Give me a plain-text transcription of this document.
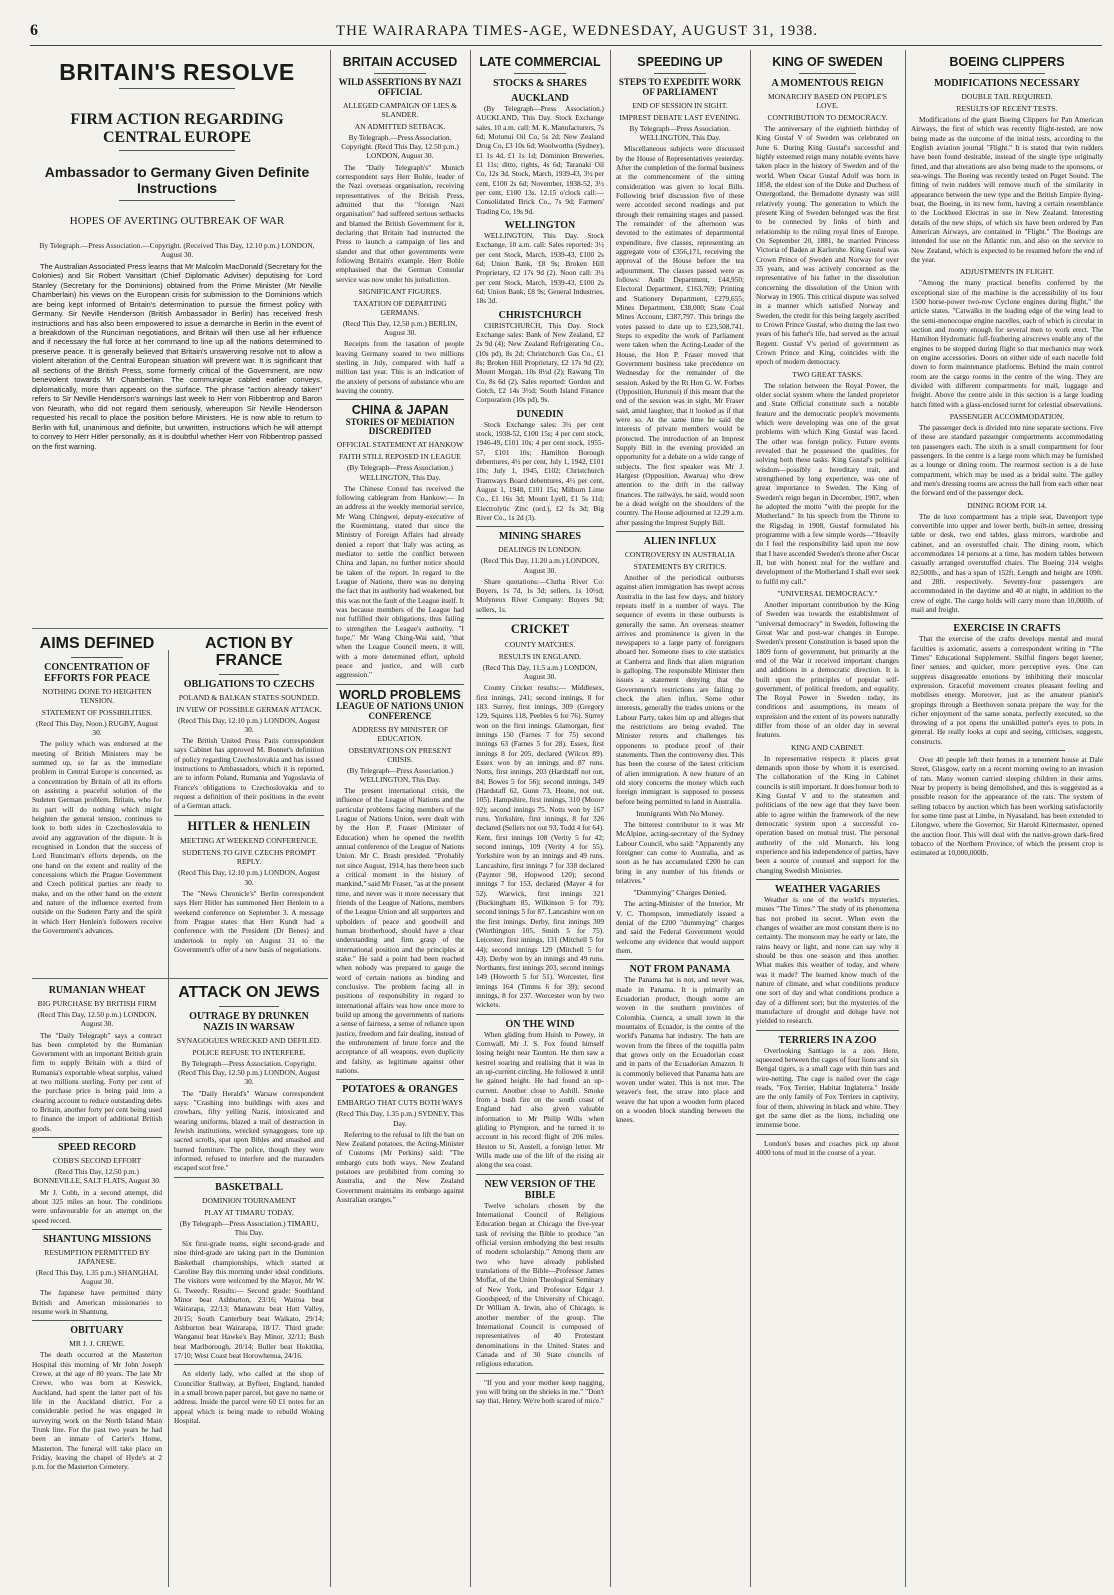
6	THE WAIRARAPA TIMES-AGE, WEDNESDAY, AUGUST 31, 1938.
BRITAIN'S RESOLVE
FIRM ACTION REGARDING CENTRAL EUROPE
Ambassador to Germany Given Definite Instructions
HOPES OF AVERTING OUTBREAK OF WAR
By Telegraph.—Press Association.—Copyright. (Received This Day, 12.10 p.m.) LONDON, August 30.

The Australian Associated Press learns that Mr Malcolm MacDonald (Secretary for the Colonies) and Sir Robert Vansittart (Chief Diplomatic Adviser) deputising for Lord Stanley (Secretary for the Dominions) obtained from the Prime Minister (Mr Neville Chamberlain) his views on the European crisis for submission to the Dominions which are being kept informed of Britain's determination to pursue the firmest policy with Germany. Sir Neville Henderson (British Ambassador in Berlin) has received fresh instructions and has also been empowered to issue a demarche in Berlin in the event of a breakdown of the Runciman negotiations, and Britain will then use all her influence and if necessary the full force at her command to line up all the nations determined to preserve peace. It is generally believed that Britain's unswerving resolve not to allow a violent alteration of the Central European situation will prevent war. It is significant that all sections of the British Press, some formerly critical of the Government, are now benevolent towards Mr Chamberlain. The communique cabled earlier conveys, diplomatically, more than appears on the surface. The phrase "action already taken" refers to Sir Neville Henderson's warnings last week to Herr von Ribbentrop and Baron von Neurath, who did not regard them seriously, whereupon Sir Neville Henderson requested his recall to place the position before Ministers. He is now able to return to Berlin with full, unanimous and definite, but unwritten, instructions which he will attempt to convey to Herr Hitler personally, as it is doubtful whether Herr von Ribbentrop passed on the first warning.

AIMS DEFINED
CONCENTRATION OF EFFORTS FOR PEACE
NOTHING DONE TO HEIGHTEN TENSION.
STATEMENT OF POSSIBILITIES.
(Recd This Day, Noon.) RUGBY, August 30.

The policy which was endorsed at the meeting of British Ministers may be summed up, so far as the immediate problem in Central Europe is concerned, as a concentration by Britain of all its efforts on assisting a peaceful solution of the Sudeten German problem. Britain, who for its part will do nothing which might heighten the general tension, continues to look to both sides in Czechoslovakia to avoid any aggravation of the dispute. It is recognised in London that the success of Lord Runciman's efforts depends, on the one hand on the extent and reality of the concessions which the Prague Government and Czech political parties are ready to make, and on the other hand on the extent and nature of the influence exerted from outside on the Sudeten Party and the spirit in which Herr Henlein's followers receive the Government's advances.

ACTION BY FRANCE
OBLIGATIONS TO CZECHS
POLAND & BALKAN STATES SOUNDED.
IN VIEW OF POSSIBLE GERMAN ATTACK.
(Recd This Day, 12.10 p.m.) LONDON, August 30.

The British United Press Paris correspondent says Cabinet has approved M. Bonnet's definition of policy regarding Czechoslovakia and has issued instructions to Ambassadors, which it is reported, are to inform Poland, Rumania and Yugoslavia of France's obligations to Czechoslovakia and to request a definition of their positions in the event of a German attack.

HITLER & HENLEIN
MEETING AT WEEKEND CONFERENCE.
SUDETENS TO GIVE CZECHS PROMPT REPLY.
(Recd This Day, 12.10 p.m.) LONDON, August 30.

The "News Chronicle's" Berlin correspondent says Herr Hitler has summoned Herr Henlein to a weekend conference on September 3. A message from Prague states that Herr Kundt had a conference with the President (Dr Benes) and undertook to reply on August 31 to the Government's offer of a new basis of negotiations.

RUMANIAN WHEAT
BIG PURCHASE BY BRITISH FIRM
(Recd This Day, 12.50 p.m.) LONDON, August 30.

The "Daily Telegraph" says a contract has been completed by the Rumanian Government with an important British grain firm to supply Britain with a third of Rumania's exportable wheat surplus, valued at two millions sterling. Forty per cent of the purchase price is being paid into a clearing account to reduce outstanding debts to Britain, another forty per cent being used to finance the import of additional British goods.

SPEED RECORD
COBB'S SECOND EFFORT
(Recd This Day, 12.50 p.m.) BONNEVILLE, SALT FLATS, August 30.

Mr J. Cobb, in a second attempt, did about 325 miles an hour. The conditions were unfavourable for an attempt on the speed record.

SHANTUNG MISSIONS
RESUMPTION PERMITTED BY JAPANESE.
(Recd This Day, 1.35 p.m.) SHANGHAI, August 30.

The Japanese have permitted thirty British and American missionaries to resume work in Shantung.

OBITUARY
MR J. J. CREWE.

The death occurred at the Masterton Hospital this morning of Mr John Joseph Crewe, at the age of 80 years. The late Mr Crewe, who was born at Keswick, Auckland, had spent the latter part of his life in the Auckland district. For a considerable period he was engaged in surveying work on the North Island Main Trunk line. For the past two years he had been an inmate of Carter's Home, Masterton. The funeral will take place on Friday, leaving the chapel of Hyde's at 2 p.m. for the Masterton Cemetery.

ATTACK ON JEWS
OUTRAGE BY DRUNKEN NAZIS IN WARSAW
SYNAGOGUES WRECKED AND DEFILED.
POLICE REFUSE TO INTERFERE.
By Telegraph—Press Association. Copyright. (Recd This Day, 12.50 p.m.) LONDON, August 30.

The "Daily Herald's" Warsaw correspondent says: "Crashing into buildings with axes and crowbars, fifty yelling Nazis, intoxicated and wearing uniforms, blazed a trail of destruction in Jewish institutions, wrecked synagogues, tore up sacred scrolls, spat upon Bibles and smashed and burned furniture. The police, though they were informed, refused to interfere and the marauders escaped scot free."

BASKETBALL
DOMINION TOURNAMENT
PLAY AT TIMARU TODAY.
(By Telegraph—Press Association.) TIMARU, This Day.

Six first-grade teams, eight second-grade and nine third-grade are taking part in the Dominion Basketball championships, which started at Caroline Bay this morning under ideal conditions. The visitors were welcomed by the Mayor, Mr W. G. Tweedy. Results:— Second grade: Southland Minor beat Ashburton, 23/16; Wairoa beat Wairarapa, 22/13; Manawatu beat Hutt Valley, 20/15; South Canterbury beat Waikato, 29/14; Ashburton beat Wairarapa, 18/17. Third grade: Wanganui beat Hawke's Bay Minor, 32/11; Bush beat Marlborough, 20/14; Buller beat Hokitika, 17/10; West Coast beat Horowhenua, 24/16.

An elderly lady, who called at the shop of Councillor Stallway, at Byfleet, England, handed in a small brown paper parcel, but gave no name or address. Inside the parcel were 60 £1 notes for an appeal which is being made to rebuild Woking Hospital.

BRITAIN ACCUSED
WILD ASSERTIONS BY NAZI OFFICIAL
ALLEGED CAMPAIGN OF LIES & SLANDER.
AN ADMITTED SETBACK.
By Telegraph.—Press Association. Copyright. (Recd This Day, 12.50 p.m.) LONDON, August 30.

The "Daily Telegraph's" Munich correspondent says Herr Bohle, leader of the Nazi overseas organisation, receiving representatives of the British Press, admitted that the "foreign Nazi organisation" had suffered serious setbacks and blamed the British Government for it, declaring that Britain had instructed the Press to launch a campaign of lies and slander and that other governments were following Britain's example. Herr Bohle emphasised that the German Consular service was now under his jurisdiction.

SIGNIFICANT FIGURES.
TAXATION OF DEPARTING GERMANS.
(Recd This Day, 12.50 p.m.) BERLIN, August 30.

Receipts from the taxation of people leaving Germany soared to two millions sterling in July, compared with half a million last year. This is an indication of the anxiety of persons of substance who are leaving the country.

CHINA & JAPAN
STORIES OF MEDIATION DISCREDITED
OFFICIAL STATEMENT AT HANKOW
FAITH STILL REPOSED IN LEAGUE
(By Telegraph—Press Association.) WELLINGTON, This Day.

The Chinese Consul has received the following cablegram from Hankow:— In an address at the weekly memorial service, Mr Wang Chingwei, deputy-executive of the Kuomintang, stated that since the Ministry of Foreign Affairs had already denied a report that Italy was acting as mediator to settle the conflict between China and Japan, no further notice should be taken of the report. In regard to the League of Nations, there was no denying the fact that its authority had weakened, but this was not the fault of the League itself. It was because members of the League had not fulfilled their obligations, thus failing to strengthen the League's authority. "I hope," Mr Wang Ching-Wai said, "that when the League Council meets, it will, with a more determined effort, uphold peace and justice, and will curb aggression."

WORLD PROBLEMS
LEAGUE OF NATIONS UNION CONFERENCE
ADDRESS BY MINISTER OF EDUCATION.
OBSERVATIONS ON PRESENT CRISIS.
(By Telegraph—Press Association.) WELLINGTON, This Day.

The present international crisis, the influence of the League of Nations and the particular problems facing members of the League of Nations Union, were dealt with by the Hon P. Fraser (Minister of Education) when he opened the twelfth annual conference of the League of Nations Union. Mr C. Brash presided. "Probably not since August, 1914, has there been such a critical moment in the history of mankind," said Mr Fraser, "as at the present time, and never was it more necessary that friends of the League of Nations, members of the League Union and all supporters and upholders of peace and goodwill and human brotherhood, should have a clear understanding and firm grasp of the international position and the principles at stake." He said a point had been reached when nobody was prepared to gauge the word of certain nations as binding and conclusive. The problem facing all in positions of responsibility in regard to international affairs was how once more to build up among the governments of nations a sense of fairness, a sense of reliance upon justice, freedom and fair dealing, instead of the enthronement of brute force and the acceptance of all weapons, even duplicity and falsity, as legitimate against other nations.

POTATOES & ORANGES
EMBARGO THAT CUTS BOTH WAYS
(Recd This Day, 1.35 p.m.) SYDNEY, This Day.

Referring to the refusal to lift the ban on New Zealand potatoes, the Acting-Minister of Customs (Mr Perkins) said: "The embargo cuts both ways. New Zealand potatoes are prohibited from coming to Australia, and the New Zealand Government maintains its embargo against Australian oranges."

LATE COMMERCIAL
STOCKS & SHARES
AUCKLAND

(By Telegraph—Press Association.) AUCKLAND, This Day. Stock Exchange sales, 10 a.m. call: M. K. Manufacturers, 7s 6d; Motunui Oil Co, 5s 2d; New Zealand Drug Co, £3 10s 6d; Woolworths (Sydney), £1 1s 4d, £1 1s 1d; Dominion Breweries, £1 11s; ditto, rights, 4s 6d; Taranaki Oil Co, 12s 3d. Stock, March, 1939-43, 3½ per cent, £100 2s 6d; November, 1938-52, 3½ per cent, £100 13s. 12.15 o'clock call:—Consolidated Brick Co., 7s 9d; Farmers' Trading Co, 19s 9d.

WELLINGTON

WELLINGTON, This Day. Stock Exchange, 10 a.m. call: Sales reported: 3½ per cent Stock, March, 1939-43, £100 2s 6d; Union Bank, £8 9s; Broken Hill Proprietary, £2 17s 9d (2). Noon call: 3½ per cent Stock, March, 1939-43, £100 2s 6d; Union Bank, £8 9s; General Industries, 18s 3d.

CHRISTCHURCH

CHRISTCHURCH, This Day. Stock Exchange sales: Bank of New Zealand, £2 2s 9d (4); New Zealand Refrigerating Co., (10s pd), 8s 2d; Christchurch Gas Co., £1 8s; Broken Hill Proprietary, £2 17s 9d (2); Mount Morgan, 10s 8½d (2); Rawang Tin Co, 8s 6d (2). Sales reported: Gordon and Gotch, £2 14s 3½d; South Island Finance Corporation (10s pd), 9s.

DUNEDIN

Stock Exchange sales: 3½ per cent stock, 1938-52, £100 15s; 4 per cent stock, 1946-49, £101 10s; 4 per cent stock, 1955-57, £101 10s; Hamilton Borough debentures, 4½ per cent, July 1, 1942, £101 10s; July 1, 1945, £102; Christchurch Tramways Board debentures, 4½ per cent, August 1, 1948, £101 15s; Milburn Lime Co., £1 16s 3d; Mount Lyell, £1 5s 11d; Electrolytic Zinc (ord.), £2 1s 3d; Big River Co., 1s 2d (3).

MINING SHARES
DEALINGS IN LONDON.
(Recd This Day, 11.20 a.m.) LONDON, August 30.

Share quotations:—Cluthа River Co: Buyers, 1s 7d, 1s 3d; sellers, 1s 10½d; Molyneux River Company: Buyers 9d; sellers, 1s.

CRICKET
COUNTY MATCHES.
RESULTS IN ENGLAND.
(Recd This Day, 11.5 a.m.) LONDON, August 30.

County Cricket results:— Middlesex, first innings, 241; second innings, 8 for 183. Surrey, first innings, 309 (Gregory 129, Squires 118, Peebles 6 for 76). Surrey won on the first innings. Glamorgan, first innings 150 (Farnes 7 for 75) second innings 63 (Farnes 5 for 28). Essex, first innings 8 for 205, declared (Wilcox 89). Essex won by an innings and 87 runs. Notts, first innings, 203 (Hardstaff not out, 84; Bowes 5 for 56); second innings, 349 (Hardstaff 62, Gunn 73, Heane, not out, 105). Hampshire, first innings, 310 (Moore 92); second innings 75. Notts won by 167 runs. Yorkshire, first innings, 8 for 326 declared (Sellers not out 93, Todd 4 for 64). Kent, first innings 108 (Verity 5 for 42; second innings, 109 (Verity 4 for 55). Yorkshire won by an innings and 49 runs. Lancashire, first innings 7 for 338 declared (Paynter 98, Hopwood 120); second innings 7 for 153, declared (Mayer 4 for 52). Warwick, first innings 321 (Buckingham 85, Wilkinson 5 for 79); second innings 5 for 87. Lancashire won on the first innings. Derby, first innings 309 (Worthington 105, Smith 5 for 75). Leicester, first innings, 131 (Mitchell 5 for 44); second innings 129 (Mitchell 5 for 43). Derby won by an innings and 49 runs. Northants, first innings 203, second innings 149 (Howorth 5 for 51). Worcester, first innings 164 (Timms 6 for 39); second innings, 8 for 237. Worcester won by two wickets.

ON THE WIND

When gliding from Huish to Powey, in Cornwall, Mr J. S. Fox found himself losing height near Taunton. He then saw a kestrel soaring and realising that it was in an up-current circling. He followed it until he gained height. He had found an up-current. Another close to Ashill. Smoke from a bush fire on the south coast of England had also given valuable information to Mr Philip Wills when gliding to Plympton, and he turned it to account in his record flight of 206 miles. Heston to St. Austell, a foreign letter. Mr Wills made use of the lift of the rising air along the sea coast.

NEW VERSION OF THE BIBLE

Twelve scholars chosen by the International Council of Religious Education began at Chicago the five-year task of revising the Bible to produce "an official version embodying the best results of modern scholarship." Among them are two who have already published translations of the Bible—Professor James Moffat, of the Union Theological Seminary of New York, and Professor Edgar J. Goodspeed, of the University of Chicago. Dr William A. Irwin, also of Chicago, is another member of the group. The International Council is composed of representatives of 40 Protestant denominations in the United States and Canada and of 30 State councils of religious education.

"If you and your mother keep nagging, you will bring on the shrieks in me." "Don't say that, Henry. We're both scared of mice."

SPEEDING UP
STEPS TO EXPEDITE WORK OF PARLIAMENT
END OF SESSION IN SIGHT.
IMPREST DEBATE LAST EVENING.
By Telegraph—Press Association. WELLINGTON, This Day.

Miscellaneous subjects were discussed by the House of Representatives yesterday. After the completion of the formal business at the commencement of the sitting consideration was given to local Bills. Following brief discussion five of these were accorded second readings and put through their remaining stages and passed. The remainder of the afternoon was devoted to the estimates of departmental expenditure, five classes, representing an aggregate vote of £356,171, receiving the approval of the House before the tea adjournment. The classes passed were as follows: Audit Department, £44,950; Electoral Department, £163,769; Printing and Stationery Department, £279,655; Mines Department, £38,000; State Coal Mines Account, £387,797. This brings the votes passed to date up to £23,508,741. Steps to expedite the work of Parliament were taken when the Acting-Leader of the House, the Hon P. Fraser moved that Government business take precedence on Wednesday for the remainder of the session. Asked by the Rt Hon G. W. Forbes (Opposition, Hurunui) if this meant that the end of the session was in sight, Mr Fraser said, amid laughter, that it looked as if that were so. At the same time he said the interests of private members would be protected. The introduction of an Imprest Supply Bill in the evening provided an opportunity for a debate on a wide range of subjects. The first speaker was Mr J. Hargest (Opposition, Awarua) who drew attention to the drift in the railway finances. The railways, he said, would soon be a dead weight on the shoulders of the country. The House adjourned at 12.29 a.m. after passing the Imprest Supply Bill.

ALIEN INFLUX
CONTROVERSY IN AUSTRALIA
STATEMENTS BY CRITICS.

Another of the periodical outbursts against alien immigration has swept across Australia in the last few days, and history repeats itself in a number of ways. The sequence of events in these outbursts is generally the same. An overseas steamer arrives and prominence is given in the newspapers to a large party of foreigners aboard her. Someone rises to cite statistics at Canberra and finds that alien migration is galloping. The responsible Minister then issues a statement denying that the Government's restrictions are failing to check the alien influx. Some other interests, generally the trades unions or the Labour Party, takes him up and alleges that the restrictions are being evaded. The Minister retorts and challenges his opponents to produce proof of their statements. Then the controversy dies. This has been the course of the latest criticism of alien immigration. A new feature of an old story concerns the money which each foreign immigrant is supposed to possess before being permitted to land in Australia.

Immigrants With No Money.

The bitterest contributor to it was Mr McAlpine, acting-secretary of the Sydney Labour Council, who said: "Apparently any foreigner can come to Australia, and as soon as he has accumulated £200 he can bring in any number of his friends or relatives."

"Dummying" Charges Denied.

The acting-Minister of the Interior, Mr V. C. Thompson, immediately issued a denial of the £200 "dummying" charges and said the Federal Government would welcome any evidence that would support them.

NOT FROM PANAMA

The Panama hat is not, and never was, made in Panama. It is primarily an Ecuadorian product, though some are woven in the southern provinces of Colombia. Cuenca, a small town in the mountains of Ecuador, is the centre of the world's Panama hat industry. The hats are woven from the fibres of the toquilla palm that grows only on the Ecuadorian coast and in parts of the Ecuadorian Amazon. It is commonly believed that Panama hats are woven under water. This is not true. The weaver's feet, the straw into place and weave the hat upon a wooden form placed on a wooden block standing between the knees.

KING OF SWEDEN
A MOMENTOUS REIGN
MONARCHY BASED ON PEOPLE'S LOVE.
CONTRIBUTION TO DEMOCRACY.

The anniversary of the eightieth birthday of King Gustaf V of Sweden was celebrated on June 6. During King Gustaf's successful and highly esteemed reign many notable events have taken place in the history of Sweden and of the world. When Oscar Gustaf Adolf was born in 1858, the eldest son of the Duke and Duchess of Ostergotland, the Bernadotte dynasty was still relatively young. The generation to which the present King of Sweden belonged was the first to be connected by links of birth and relationship to the ruling royal lines of Europe. On September 20, 1881, he married Princess Victoria of Baden at Karlsruhe. King Gustaf was Crown Prince of Sweden and Norway for over 35 years, and was actively concerned as the representative of his father in the dissolution concerning the dissolution of the Union with Norway in 1905. This critical dispute was solved in a manner which satisfied Norway and Sweden, the credit for this being largely ascribed to Crown Prince Gustaf, who during the last two years of his father's life, had served as the actual Regent. Gustaf V's period of government as Crown Prince and King, coincides with the epoch of modern democracy.

TWO GREAT TASKS.

The relation between the Royal Power, the older social system where the landed proprietor and State Official constitute such a notable feature and the democratic people's movements which were developing was one of the great problems with which King Gustaf was faced. The other was foreign policy. Future events revealed that he possessed the qualities for solving both these tasks. King Gustaf's political wisdom—possibly a hereditary trait, and strengthened by long experience, was one of great importance to Sweden. The King of Sweden's reign began in December, 1907, when he adopted the motto "with the people for the Motherland." In his speech from the Throne to the Rigsdag in 1908, Gustaf formulated his programme with a few simple words—"Heavily do I feel the responsibility laid upon me now that I have ascended Sweden's throne after Oscar II, but with honest zeal for the welfare and development of the Motherland I shall ever seek to fulfil my call."

"UNIVERSAL DEMOCRACY."

Another important contribution by the King of Sweden was towards the establishment of "universal democracy" in Sweden, following the Great War and post-war changes in Europe. Sweden's present Constitution is based upon the 1809 form of government, but primarily at the end of the War it received important changes and additions in a democratic direction. It is built upon the principles of popular self-government, of political freedom, and equality. The Royal Power in Sweden today, its conditions and assumptions, its means of expression and the extent of its powers naturally differ from those of an older day in several features.

KING AND CABINET.

In representative respects it places great demands upon those by whom it is exercised. The collaboration of the King in Cabinet councils is still important. It does honour both to King Gustaf V and to the statesmen and politicians of the new age that they have been able to agree within the framework of the new democratic system upon a successful co-operation based on mutual trust. The personal authority of the old Monarch, his long experience and his independence of parties, have been a source of counsel and support for the changing Swedish Ministries.

WEATHER VAGARIES

Weather is one of the world's mysteries, muses "The Times." The study of its phenomena has not probed its secret. When even the changes of weather are most constant there is no certainty. The monsoon may be early or late, the rains heavy or light, and none can say why it should be thus one season and thus another. What makes this weather of today, and where was it made? The learned know much of the nature of climate, and what conditions produce one sort of day and what conditions produce a day of a different sort; but the mysteries of the manufacture of drought and deluge have not yielded to research.

TERRIERS IN A ZOO

Overlooking Santiago is a zoo. Here, squeezed between the cages of four lions and six Bengal tigers, is a small cage with thin bars and wire-netting. The cage is nailed over the cage reads, "Fox Terrier, Habitat Inglaterra." Inside are the only family of Fox Terriers in captivity, four of them, shivering in black and white. They get the same diet as the lions, including one immense bone.

London's buses and coaches pick up about 4000 tons of mud in the course of a year.

BOEING CLIPPERS
MODIFICATIONS NECESSARY
DOUBLE TAIL REQUIRED.
RESULTS OF RECENT TESTS.

Modifications of the giant Boeing Clippers for Pan American Airways, the first of which was recently flight-tested, are now being made as the outcome of the initial tests, according to the English aviation journal "Flight." It is stated that twin rudders have been found desirable, instead of the single type originally fitted, and that alterations are also being made to the sponsons, or sea-wings. The Boeing was recently tested on Puget Sound. The fitting of twin rudders will remove much of the similarity in appearance between the new type and the British Empire flying-boat, the Boeing, in its new form, having a certain resemblance to the Lockheed Electras in use in New Zealand. Interesting details of the new ships, of which six have been ordered by Pan American Airways, are contained in "Flight." The Boeings are intended for use on the Atlantic run, and also on the service to New Zealand, which is expected to be resumed before the end of the year.

ADJUSTMENTS IN FLIGHT.

"Among the many practical benefits conferred by the exceptional size of the machine is the accessibility of its four 1500 horse-power two-row Cyclone engines during flight," the article states. "Catwalks in the leading edge of the wing lead to the semi-monocoque engine nacelles, each of which is circular in section and roomy enough for several men to work erect. The Hamilton Hydromatic full-feathering airscrews enable any of the engines to be stopped during flight so that mechanics may work on engine accessories. Doors on either side of each nacelle fold down to form maintenance platforms. Behind the main control room are the cargo rooms in the centre of the wing. They are divided with different compartments for mail, luggage and freight. Above the centre aisle in this section is a large loading hatch fitted with a glass-enclosed turret for celestial observations.

PASSENGER ACCOMMODATION.

The passenger deck is divided into nine separate sections. Five of these are standard passenger compartments accommodating ten passengers each. The sixth is a small compartment for four passengers. In the centre is a large room which may be furnished as a lounge or dining room. The rearmost section is a de luxe compartment, which may be used as a bridal suite. The galley and men's dressing rooms are across the hall from each other near the forward end of the passenger deck.

DINING ROOM FOR 14.

The de luxe compartment has a triple seat, Davenport type convertible into upper and lower berth, built-in settee, dressing table or desk, two end tables, glass mirrors, wardrobe and cabinet, and an overstuffed chair. The dining room, which accommodates 14 persons at a time, has modern tables between casually arranged overstuffed chairs. The Boeing 314 weighs 82,500lb., and has a span of 152ft. Length and height are 109ft. and 28ft. respectively. Seventy-four passengers are accommodated in the daytime and 40 at night, in addition to the crew of eight. The cargo holds will carry more than 10,000lb. of mail and freight.

EXERCISE IN CRAFTS

That the exercise of the crafts develops mental and moral faculties is axiomatic, asserts a correspondent writing in "The Times" Educational Supplement. Skilful fingers beget keener, finer senses, and quicker, more perceptive eyes. One can suppress disagreeable emotions by inhibiting their muscular expression. Graceful movement creates pleasant feeling and mobilises energy. Moreover, just as the amateur pianist's gropings through a Beethoven sonata prepare the way for the richer enjoyment of the same sonata, perfectly executed, so the throwing of a pot opens the unskilled potter's eyes to pots in general. He really looks at cups and seeing, criticises, suggests, constructs.

Over 40 people left their homes in a tenement house at Dale Street, Glasgow, early on a recent morning owing to an invasion of rats. Many women carried sleeping children in their arms. Near by property is being demolished, and this is suggested as a possible reason for the appearance of the rats. The system of selling tobacco by auction which has been working satisfactorily for some time past at Limbe, in Nyasaland, has been extended to Lilongwe, where the Governor, Sir Harold Kittermaster, opened the auction floor. This will deal with the native-grown dark-fired tobacco of the Northern Province, of which the present crop is estimated at 10,000,000lb.
